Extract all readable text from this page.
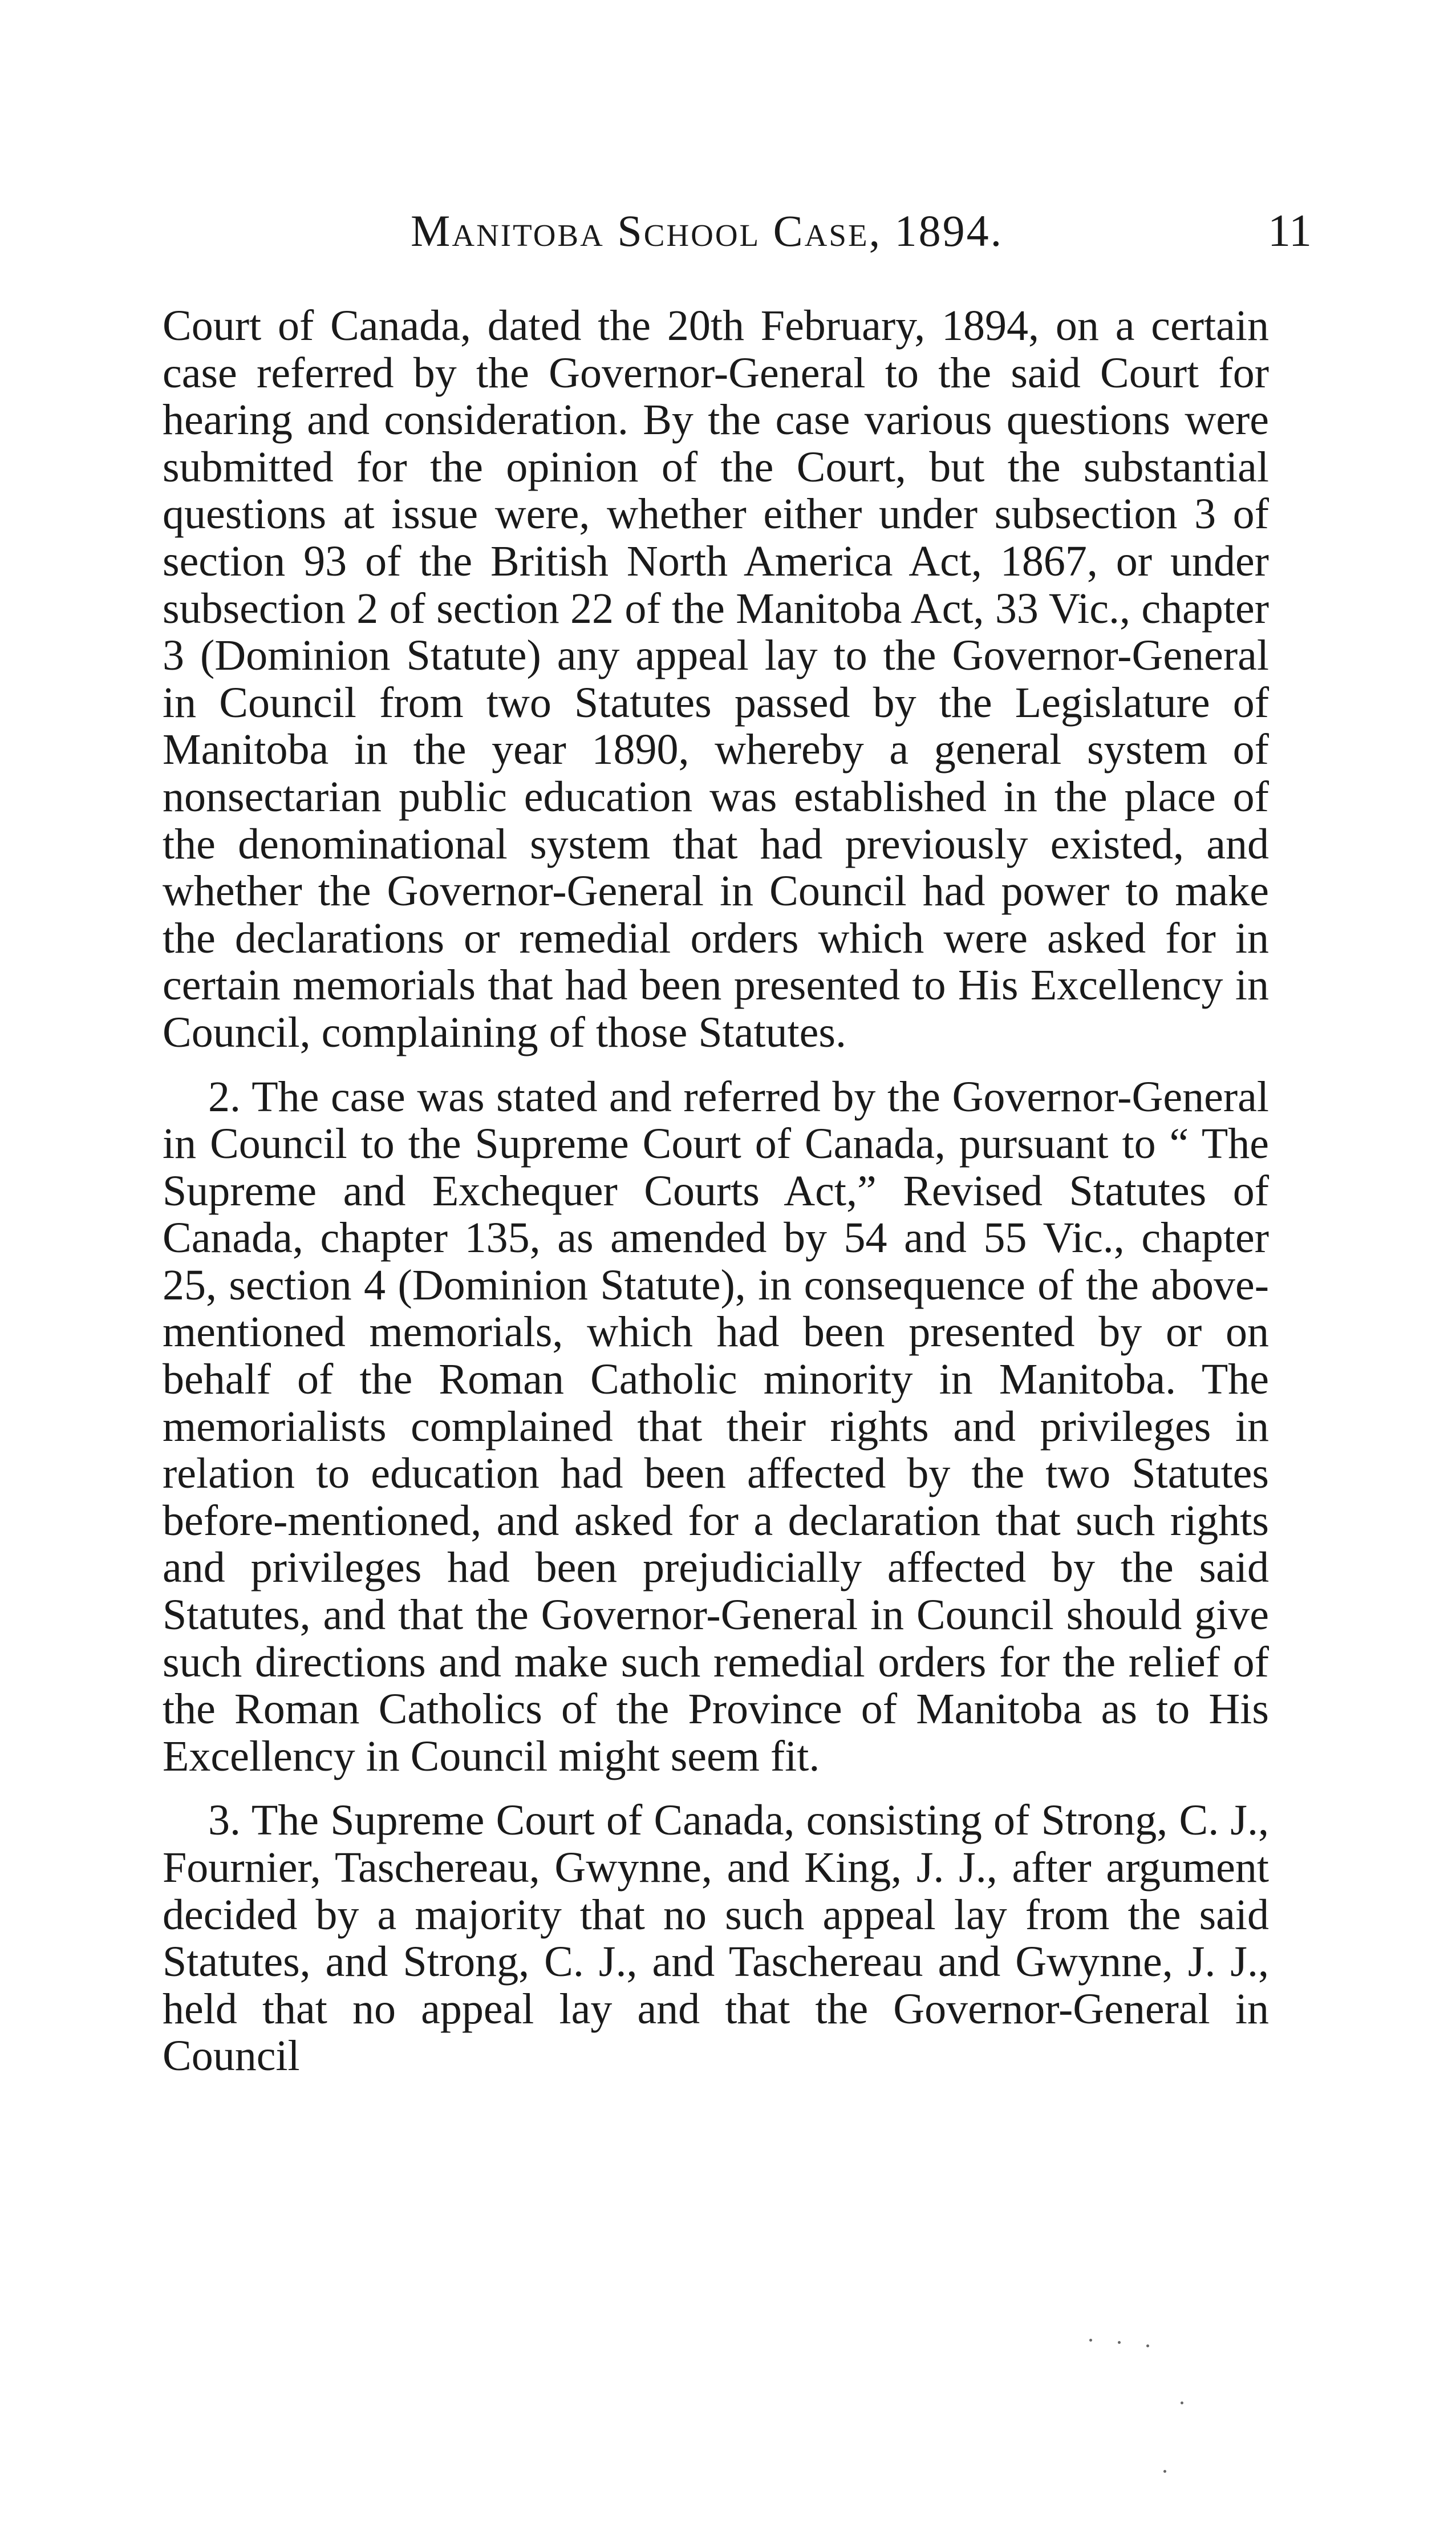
Manitoba School Case, 1894.	11

Court of Canada, dated the 20th February, 1894, on a certain case referred by the Governor-General to the said Court for hearing and consideration. By the case various questions were submitted for the opinion of the Court, but the substantial questions at issue were, whether either under subsection 3 of section 93 of the British North America Act, 1867, or under subsection 2 of section 22 of the Manitoba Act, 33 Vic., chapter 3 (Dominion Statute) any appeal lay to the Governor-General in Council from two Statutes passed by the Legislature of Manitoba in the year 1890, whereby a general system of nonsectarian public education was established in the place of the denominational system that had previously existed, and whether the Governor-General in Council had power to make the declarations or remedial orders which were asked for in certain memorials that had been presented to His Excellency in Council, complaining of those Statutes.

2. The case was stated and referred by the Governor-General in Council to the Supreme Court of Canada, pursuant to “ The Supreme and Exchequer Courts Act,” Revised Statutes of Canada, chapter 135, as amended by 54 and 55 Vic., chapter 25, section 4 (Dominion Statute), in consequence of the above-mentioned memorials, which had been presented by or on behalf of the Roman Catholic minority in Manitoba. The memorialists complained that their rights and privileges in relation to education had been affected by the two Statutes before-mentioned, and asked for a declaration that such rights and privileges had been prejudicially affected by the said Statutes, and that the Governor-General in Council should give such directions and make such remedial orders for the relief of the Roman Catholics of the Province of Manitoba as to His Excellency in Council might seem fit.

3. The Supreme Court of Canada, consisting of Strong, C. J., Fournier, Taschereau, Gwynne, and King, J. J., after argument decided by a majority that no such appeal lay from the said Statutes, and Strong, C. J., and Taschereau and Gwynne, J. J., held that no appeal lay and that the Governor-General in Council
